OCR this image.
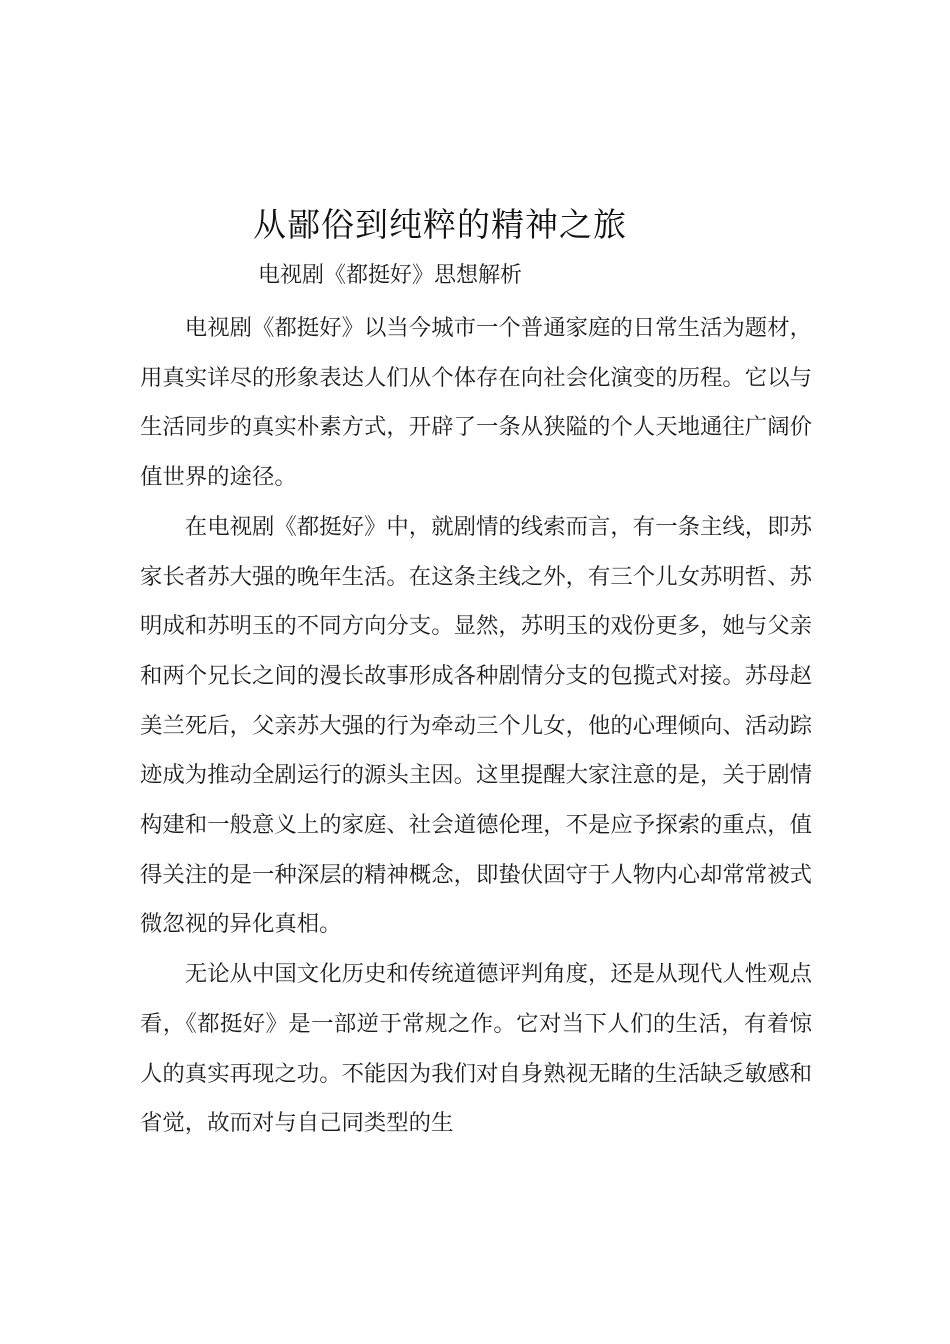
从鄙俗到纯粹的精神之旅
电视剧《都挺好》思想解析

电视剧《都挺好》以当今城市一个普通家庭的日常生活为题材，用真实详尽的形象表达人们从个体存在向社会化演变的历程。它以与生活同步的真实朴素方式，开辟了一条从狭隘的个人天地通往广阔价值世界的途径。

在电视剧《都挺好》中，就剧情的线索而言，有一条主线，即苏家长者苏大强的晚年生活。在这条主线之外，有三个儿女苏明哲、苏明成和苏明玉的不同方向分支。显然，苏明玉的戏份更多，她与父亲和两个兄长之间的漫长故事形成各种剧情分支的包揽式对接。苏母赵美兰死后，父亲苏大强的行为牵动三个儿女，他的心理倾向、活动踪迹成为推动全剧运行的源头主因。这里提醒大家注意的是，关于剧情构建和一般意义上的家庭、社会道德伦理，不是应予探索的重点，值得关注的是一种深层的精神概念，即蛰伏固守于人物内心却常常被式微忽视的异化真相。

无论从中国文化历史和传统道德评判角度，还是从现代人性观点看，《都挺好》是一部逆于常规之作。它对当下人们的生活，有着惊人的真实再现之功。不能因为我们对自身熟视无睹的生活缺乏敏感和省觉，故而对与自己同类型的生
